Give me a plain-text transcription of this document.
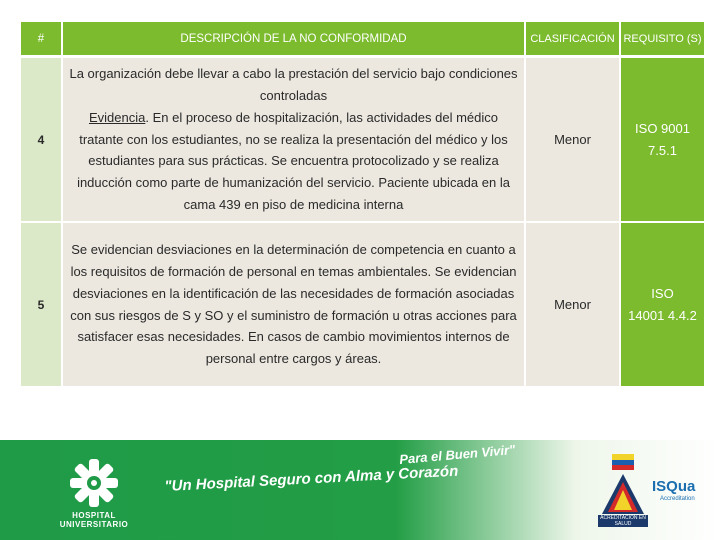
#	DESCRIPCIÓN DE LA NO CONFORMIDAD	CLASIFICACIÓN REQUISITO (S)
4
La organización debe llevar a cabo la prestación del servicio bajo condiciones controladas
Evidencia. En el proceso de hospitalización, las actividades del médico tratante con los estudiantes, no se realiza la presentación del médico y los estudiantes para sus prácticas. Se encuentra protocolizado y se realiza inducción como parte de humanización del servicio. Paciente ubicada en la cama 439 en piso de medicina interna
Menor
ISO 9001
7.5.1
5
Se evidencian desviaciones en la determinación de competencia en cuanto a los requisitos de formación de personal en temas ambientales. Se evidencian desviaciones en la identificación de las necesidades de formación asociadas con sus riesgos de S y SO y el suministro de formación u otras acciones para satisfacer esas necesidades. En casos de cambio movimientos internos de personal entre cargos y áreas.
Menor
ISO
14001 4.4.2
HOSPITAL
UNIVERSITARIO
Para el Buen Vivir"
"Un Hospital Seguro con Alma y Corazón
ACREDITACIÓN EN SALUD
ISQua
Accreditation
